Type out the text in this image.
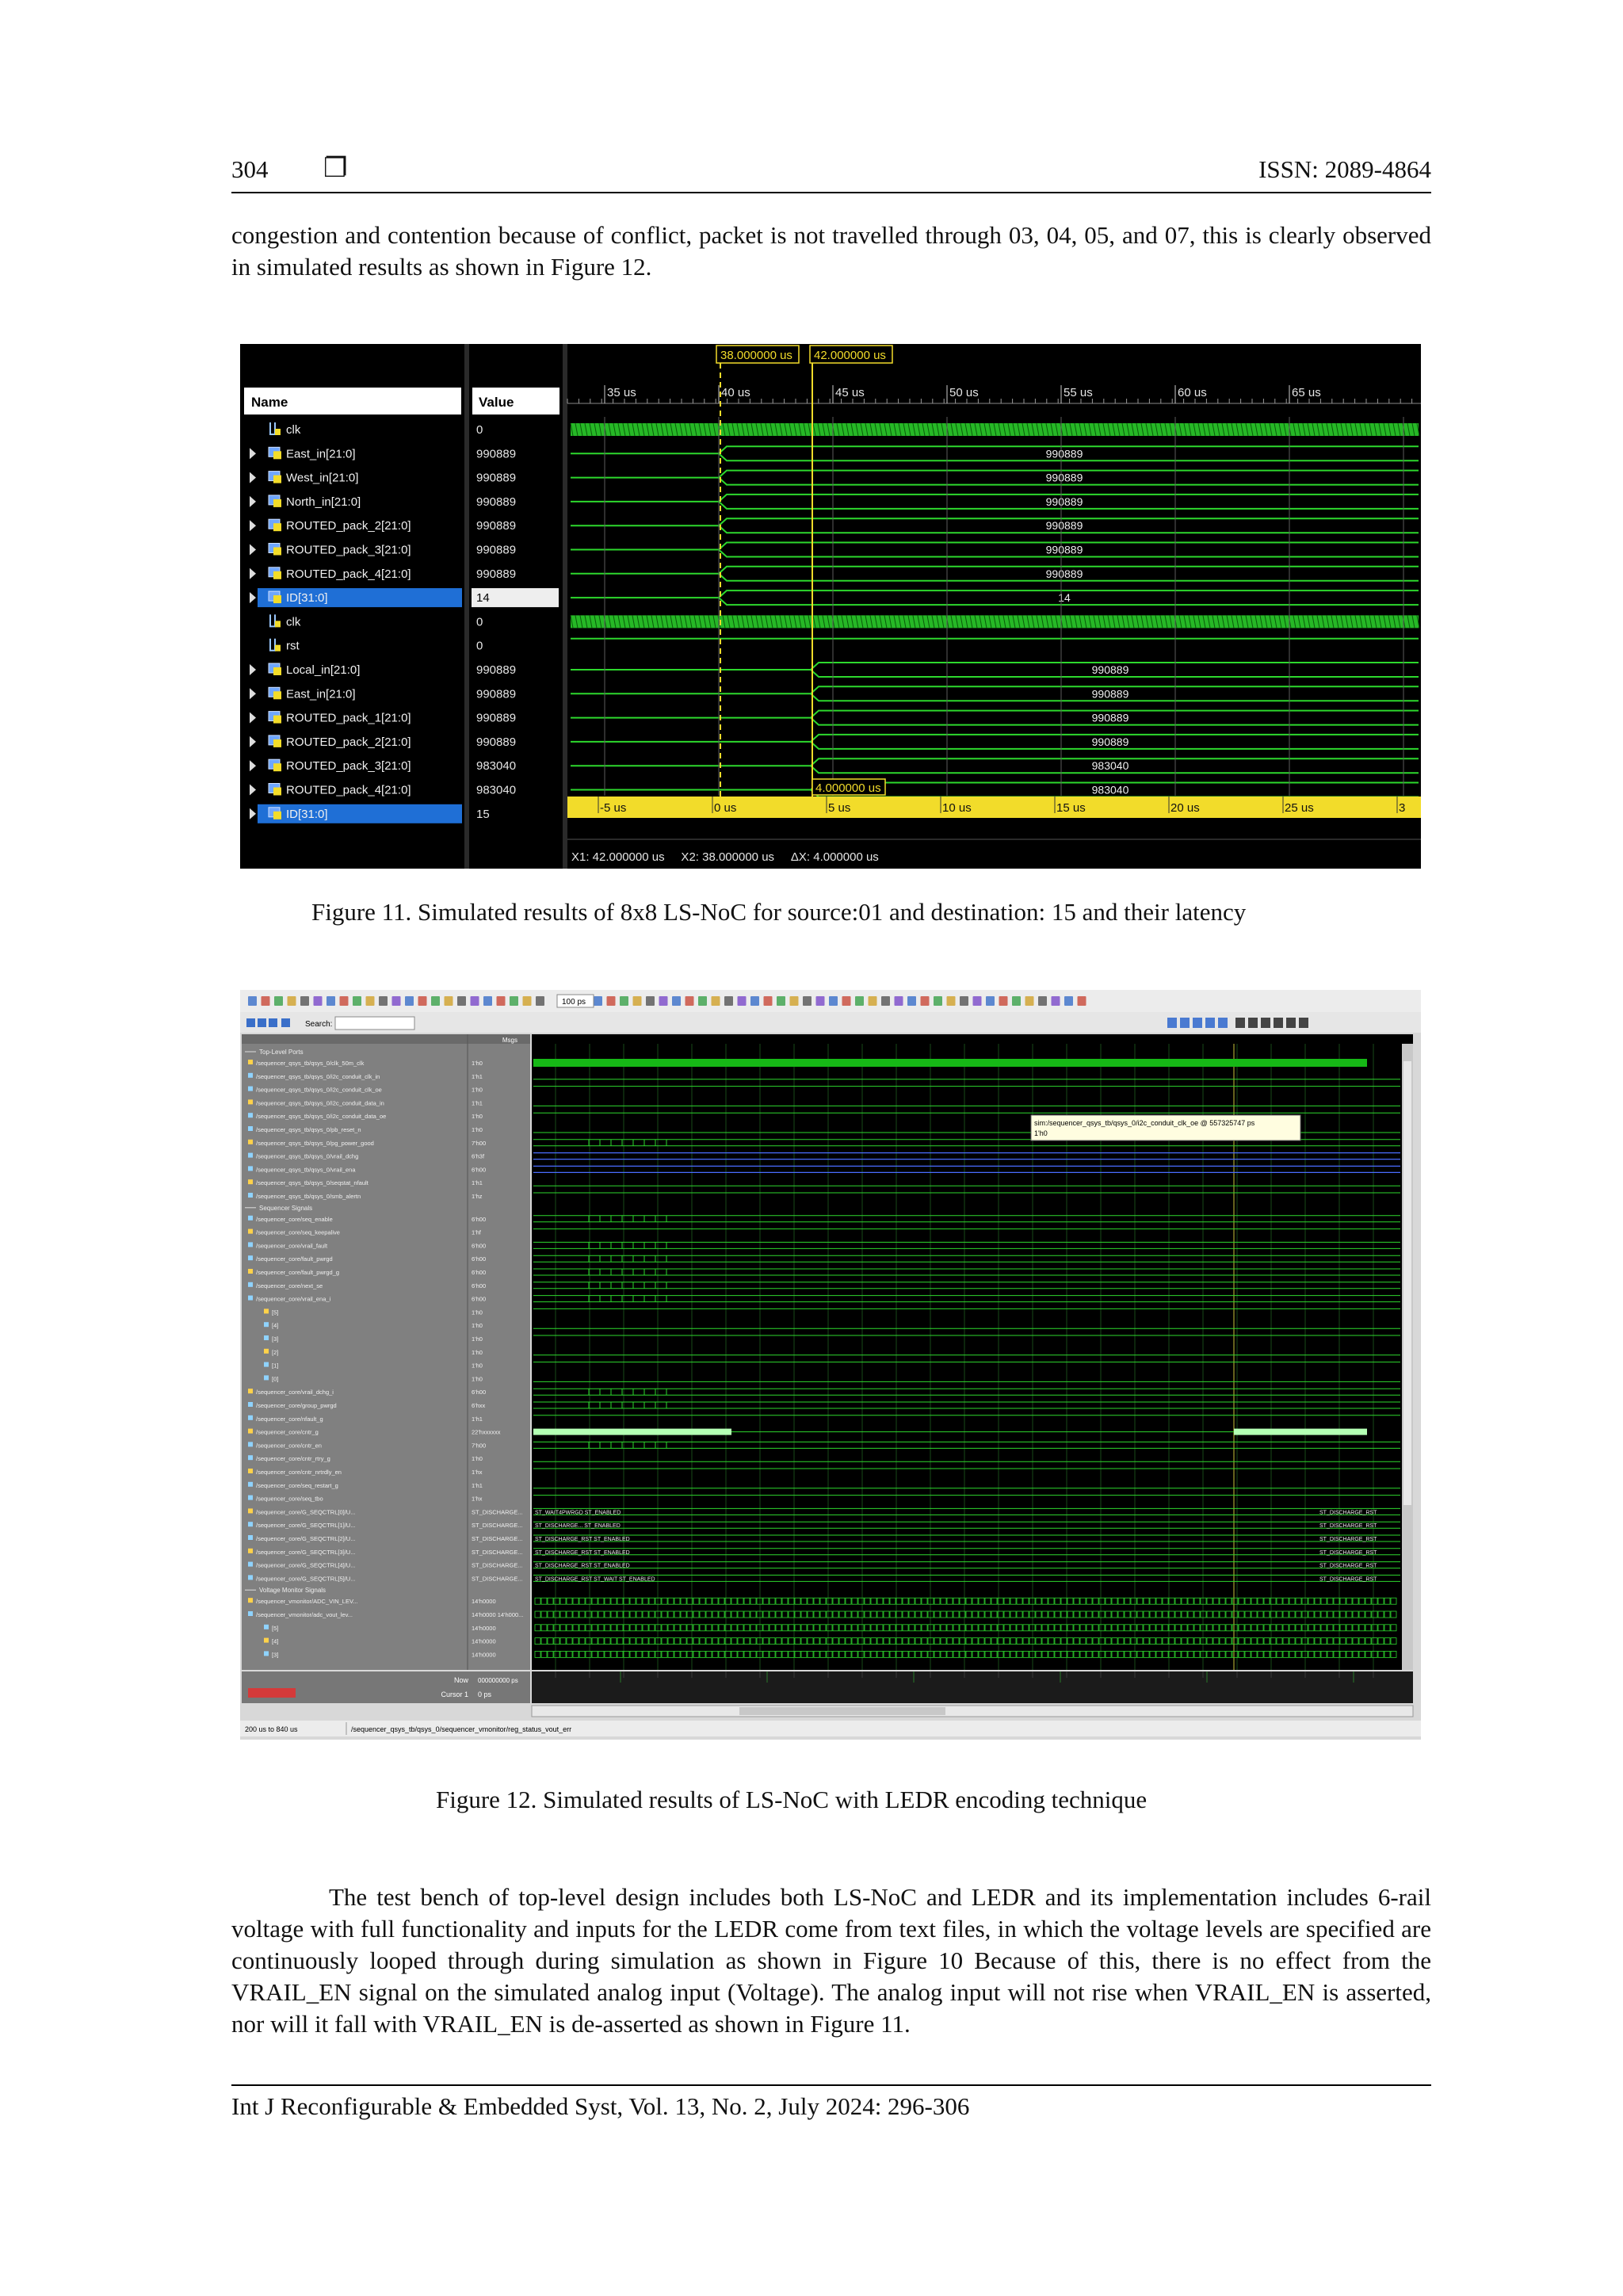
304 ❐	ISSN: 2089-4864
congestion and contention because of conflict, packet is not travelled through 03, 04, 05, and 07, this is clearly observed in simulated results as shown in Figure 12.
Name	Value
35 us	40 us	45 us	50 us	55 us	60 us	65 us
38.000000 us 42.000000 us
clk	0
East_in[21:0]	990889	990889
West_in[21:0]	990889	990889
North_in[21:0]	990889	990889
ROUTED_pack_2[21:0]	990889	990889
ROUTED_pack_3[21:0]	990889	990889
ROUTED_pack_4[21:0]	990889	990889
ID[31:0]	14	14
clk	0
rst	0
Local_in[21:0]	990889	990889
East_in[21:0]	990889	990889
ROUTED_pack_1[21:0]	990889	990889
ROUTED_pack_2[21:0]	990889	990889
ROUTED_pack_3[21:0]	983040	983040
ROUTED_pack_4[21:0]	983040	983040
ID[31:0]	15
4.000000 us
-5 us	0 us	5 us	10 us	15 us	20 us	25 us	3
X1: 42.000000 us     X2: 38.000000 us     ΔX: 4.000000 us
Figure 11. Simulated results of 8x8 LS-NoC for source:01 and destination: 15 and their latency
100 ps
Search:
Msgs
Top-Level Ports
/sequencer_qsys_tb/qsys_0/clk_50m_clk	1'h0
/sequencer_qsys_tb/qsys_0/i2c_conduit_clk_in	1'h1
/sequencer_qsys_tb/qsys_0/i2c_conduit_clk_oe	1'h0
/sequencer_qsys_tb/qsys_0/i2c_conduit_data_in	1'h1
/sequencer_qsys_tb/qsys_0/i2c_conduit_data_oe	1'h0
/sequencer_qsys_tb/qsys_0/pb_reset_n	1'h0
/sequencer_qsys_tb/qsys_0/pg_power_good	7'h00
/sequencer_qsys_tb/qsys_0/vrail_dchg	6'h3f
/sequencer_qsys_tb/qsys_0/vrail_ena	6'h00
/sequencer_qsys_tb/qsys_0/seqstat_nfault	1'h1
/sequencer_qsys_tb/qsys_0/smb_alertn	1'hz
Sequencer Signals
/sequencer_core/seq_enable	6'h00
/sequencer_core/seq_keepalive	1'hf
/sequencer_core/vrail_fault	6'h00
/sequencer_core/fault_pwrgd	6'h00
/sequencer_core/fault_pwrgd_g	6'h00
/sequencer_core/next_se	6'h00
/sequencer_core/vrail_ena_i	6'h00
[5]	1'h0
[4]	1'h0
[3]	1'h0
[2]	1'h0
[1]	1'h0
[0]	1'h0
/sequencer_core/vrail_dchg_i	6'h00
/sequencer_core/group_pwrgd	6'hxx
/sequencer_core/nfault_g	1'h1
/sequencer_core/cntr_g	22'hxxxxxx
/sequencer_core/cntr_en	7'h00
/sequencer_core/cntr_rtry_g	1'h0
/sequencer_core/cntr_nrtrdly_en	1'hx
/sequencer_core/seq_restart_g	1'h1
/sequencer_core/seq_tbo	1'hx
/sequencer_core/G_SEQCTRL[0]/U...	ST_DISCHARGE... ST_WAIT4PWRGD ST_ENABLED	ST_DISCHARGE_RST
/sequencer_core/G_SEQCTRL[1]/U...	ST_DISCHARGE... ST_DISCHARGE... ST_ENABLED	ST_DISCHARGE_RST
/sequencer_core/G_SEQCTRL[2]/U...	ST_DISCHARGE... ST_DISCHARGE_RST ST_ENABLED	ST_DISCHARGE_RST
/sequencer_core/G_SEQCTRL[3]/U...	ST_DISCHARGE... ST_DISCHARGE_RST ST_ENABLED	ST_DISCHARGE_RST
/sequencer_core/G_SEQCTRL[4]/U...	ST_DISCHARGE... ST_DISCHARGE_RST ST_ENABLED	ST_DISCHARGE_RST
/sequencer_core/G_SEQCTRL[5]/U...	ST_DISCHARGE... ST_DISCHARGE_RST ST_WAIT ST_ENABLED	ST_DISCHARGE_RST
Voltage Monitor Signals
/sequencer_vmonitor/ADC_VIN_LEV...	14'h0000
/sequencer_vmonitor/adc_vout_lev...	14'h0000 14'h000...
[5]	14'h0000
[4]	14'h0000
[3]	14'h0000
sim:/sequencer_qsys_tb/qsys_0/i2c_conduit_clk_oe @ 557325747 ps
1'h0
Now 000000000 ps
Cursor 1 0 ps
200 us to 840 us	/sequencer_qsys_tb/qsys_0/sequencer_vmonitor/reg_status_vout_err
Figure 12. Simulated results of LS-NoC with LEDR encoding technique
The test bench of top-level design includes both LS-NoC and LEDR and its implementation includes 6-rail voltage with full functionality and inputs for the LEDR come from text files, in which the voltage levels are specified are continuously looped through during simulation as shown in Figure 10 Because of this, there is no effect from the VRAIL_EN signal on the simulated analog input (Voltage). The analog input will not rise when VRAIL_EN is asserted, nor will it fall with VRAIL_EN is de-asserted as shown in Figure 11.
Int J Reconfigurable & Embedded Syst, Vol. 13, No. 2, July 2024: 296-306
